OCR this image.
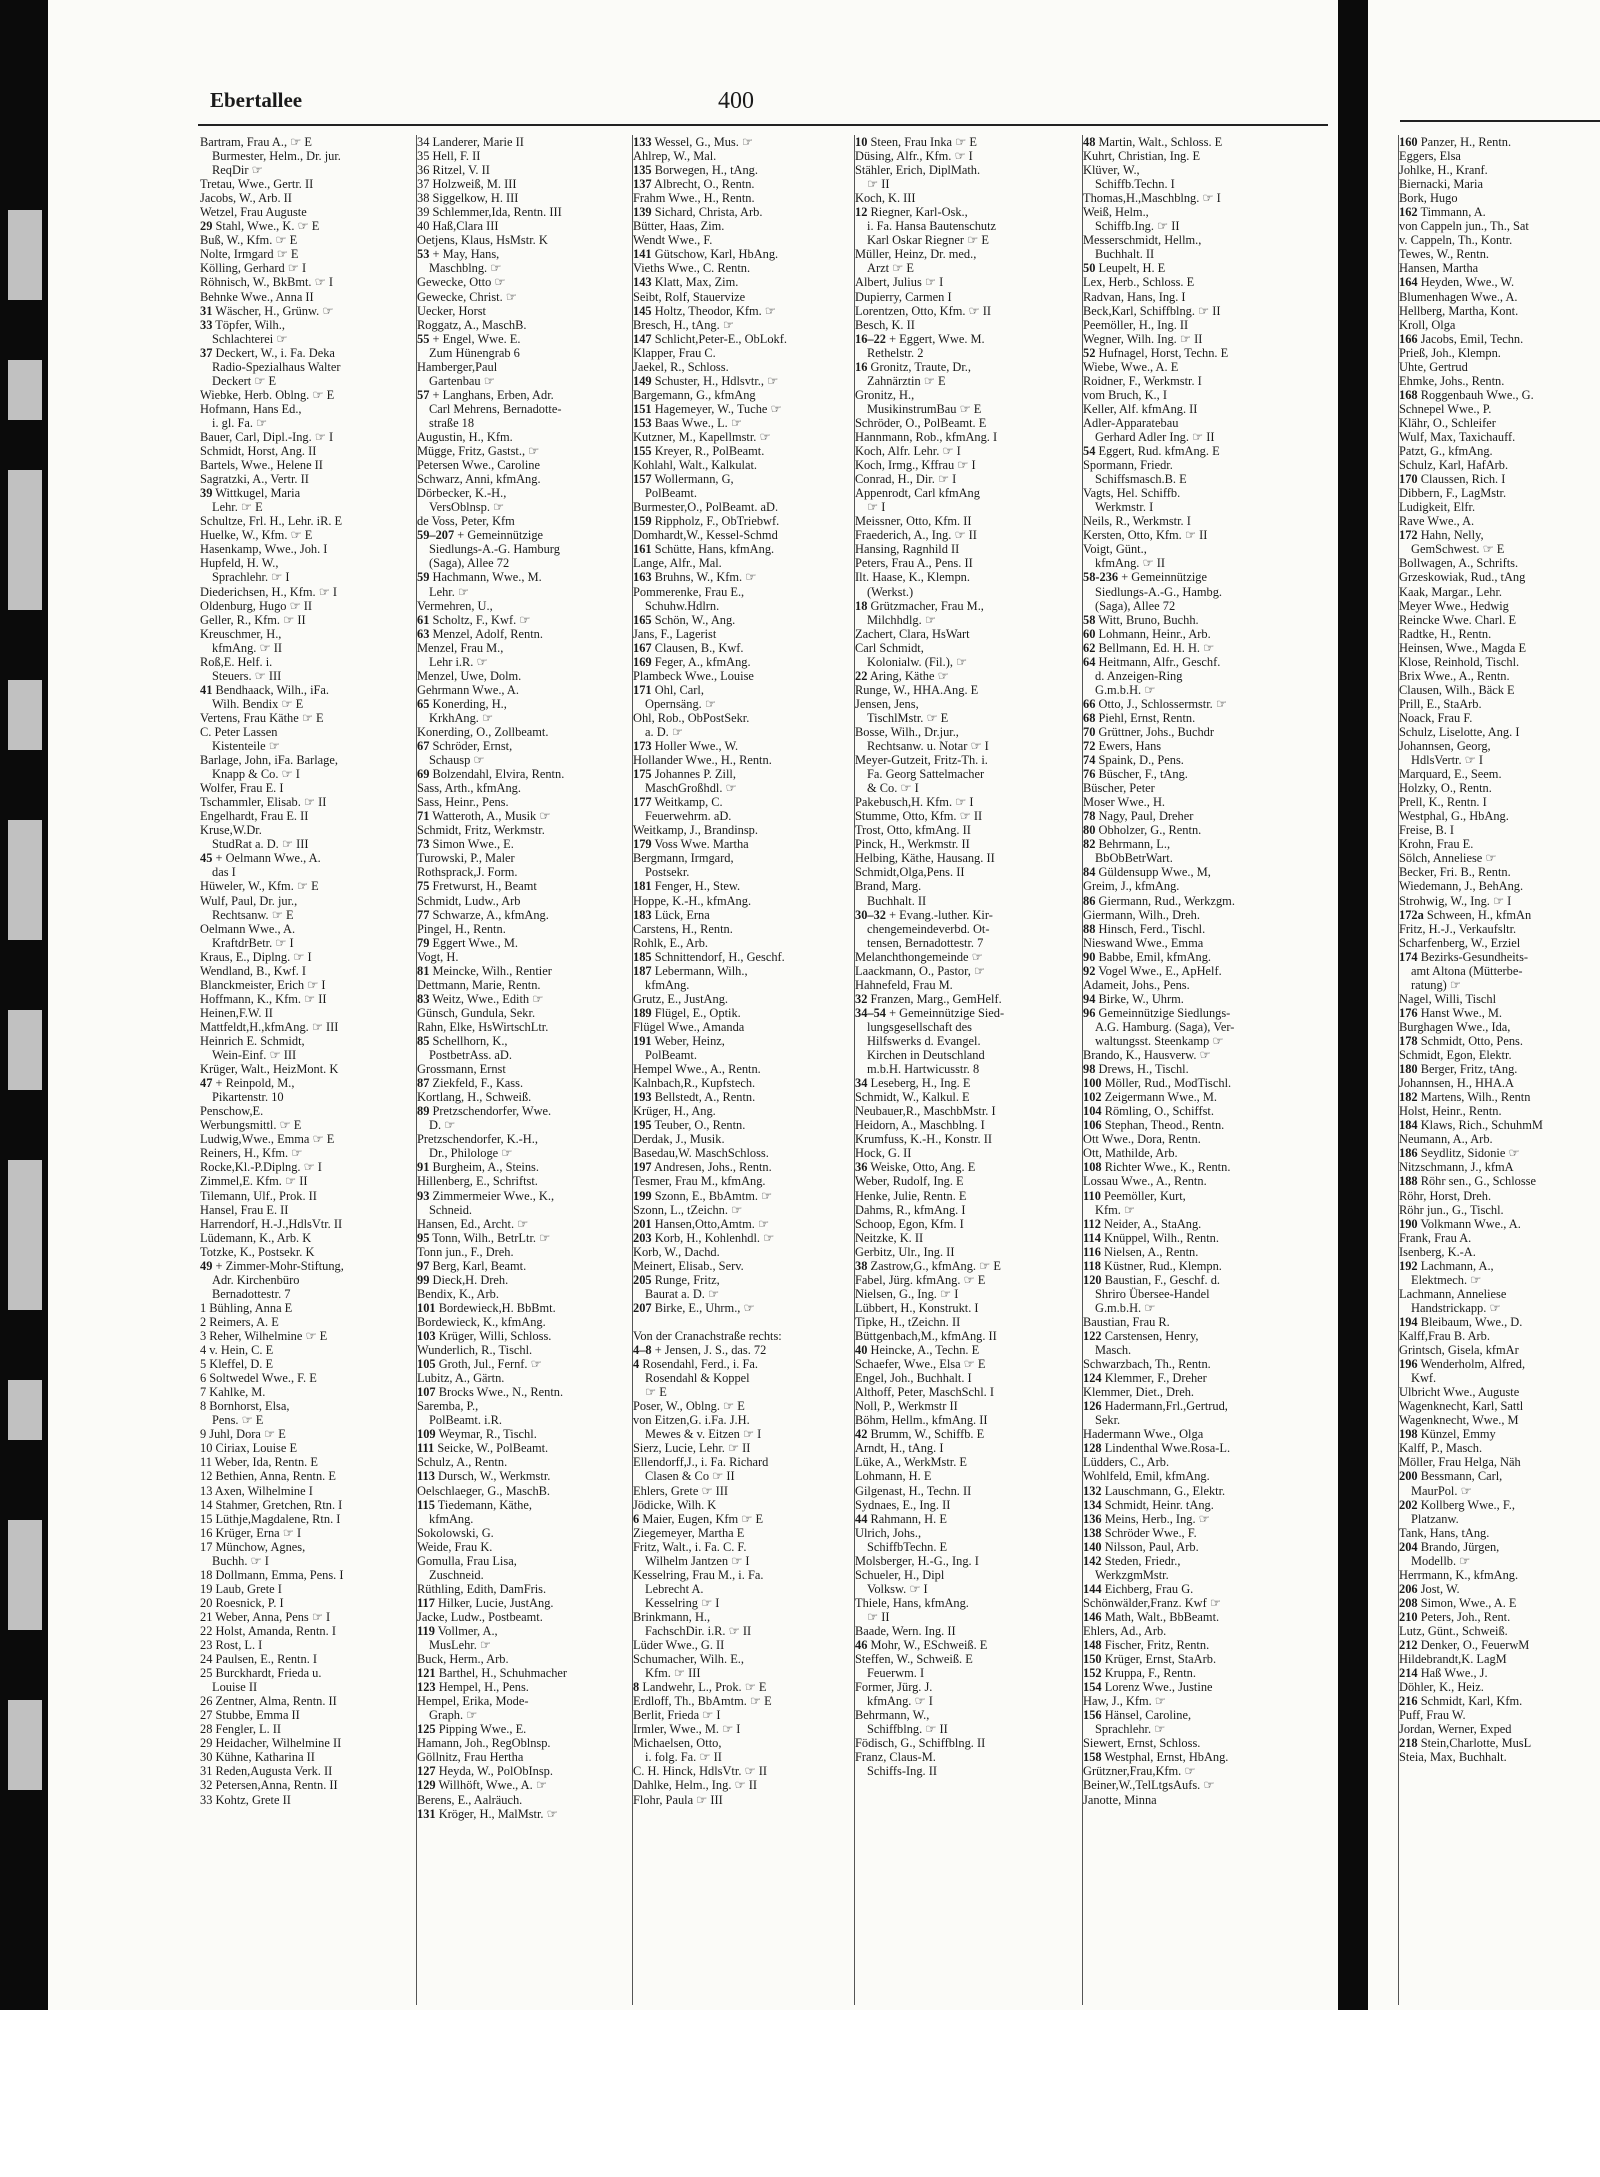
Ebertallee	400
Bartram, Frau A., ☞ E
Burmester, Helm., Dr. jur.
ReqDir ☞
Tretau, Wwe., Gertr. II
Jacobs, W., Arb. II
Wetzel, Frau Auguste
29 Stahl, Wwe., K. ☞ E
Buß, W., Kfm. ☞ E
Nolte, Irmgard ☞ E
Kölling, Gerhard ☞ I
Röhnisch, W., BkBmt. ☞ I
Behnke Wwe., Anna II
31 Wäscher, H., Grünw. ☞
33 Töpfer, Wilh.,
Schlachterei ☞
37 Deckert, W., i. Fa. Deka
Radio-Spezialhaus Walter
Deckert ☞ E
Wiebke, Herb. Oblng. ☞ E
Hofmann, Hans Ed.,
i. gl. Fa. ☞
Bauer, Carl, Dipl.-Ing. ☞ I
Schmidt, Horst, Ang. II
Bartels, Wwe., Helene II
Sagratzki, A., Vertr. II
39 Wittkugel, Maria
Lehr. ☞ E
Schultze, Frl. H., Lehr. iR. E
Huelke, W., Kfm. ☞ E
Hasenkamp, Wwe., Joh. I
Hupfeld, H. W.,
Sprachlehr. ☞ I
Diederichsen, H., Kfm. ☞ I
Oldenburg, Hugo ☞ II
Geller, R., Kfm. ☞ II
Kreuschmer, H.,
kfmAng. ☞ II
Roß,E. Helf. i.
Steuers. ☞ III
41 Bendhaack, Wilh., iFa.
Wilh. Bendix ☞ E
Vertens, Frau Käthe ☞ E
C. Peter Lassen
Kistenteile ☞
Barlage, John, iFa. Barlage,
Knapp & Co. ☞ I
Wolfer, Frau E. I
Tschammler, Elisab. ☞ II
Engelhardt, Frau E. II
Kruse,W.Dr.
StudRat a. D. ☞ III
45 + Oelmann Wwe., A.
das I
Hüweler, W., Kfm. ☞ E
Wulf, Paul, Dr. jur.,
Rechtsanw. ☞ E
Oelmann Wwe., A.
KraftdrBetr. ☞ I
Kraus, E., Diplng. ☞ I
Wendland, B., Kwf. I
Blanckmeister, Erich ☞ I
Hoffmann, K., Kfm. ☞ II
Heinen,F.W. II
Mattfeldt,H.,kfmAng. ☞ III
Heinrich E. Schmidt,
Wein-Einf. ☞ III
Krüger, Walt., HeizMont. K
47 + Reinpold, M.,
Pikartenstr. 10
Penschow,E.
Werbungsmittl. ☞ E
Ludwig,Wwe., Emma ☞ E
Reiners, H., Kfm. ☞
Rocke,Kl.-P.Diplng. ☞ I
Zimmel,E. Kfm. ☞ II
Tilemann, Ulf., Prok. II
Hansel, Frau E. II
Harrendorf, H.-J.,HdlsVtr. II
Lüdemann, K., Arb. K
Totzke, K., Postsekr. K
49 + Zimmer-Mohr-Stiftung,
Adr. Kirchenbüro
Bernadottestr. 7
1 Bühling, Anna E
2 Reimers, A. E
3 Reher, Wilhelmine ☞ E
4 v. Hein, C. E
5 Kleffel, D. E
6 Soltwedel Wwe., F. E
7 Kahlke, M.
8 Bornhorst, Elsa,
Pens. ☞ E
9 Juhl, Dora ☞ E
10 Ciriax, Louise E
11 Weber, Ida, Rentn. E
12 Bethien, Anna, Rentn. E
13 Axen, Wilhelmine I
14 Stahmer, Gretchen, Rtn. I
15 Lüthje,Magdalene, Rtn. I
16 Krüger, Erna ☞ I
17 Münchow, Agnes,
Buchh. ☞ I
18 Dollmann, Emma, Pens. I
19 Laub, Grete I
20 Roesnick, P. I
21 Weber, Anna, Pens ☞ I
22 Holst, Amanda, Rentn. I
23 Rost, L. I
24 Paulsen, E., Rentn. I
25 Burckhardt, Frieda u.
Louise II
26 Zentner, Alma, Rentn. II
27 Stubbe, Emma II
28 Fengler, L. II
29 Heidacher, Wilhelmine II
30 Kühne, Katharina II
31 Reden,Augusta Verk. II
32 Petersen,Anna, Rentn. II
33 Kohtz, Grete II
34 Landerer, Marie II
35 Hell, F. II
36 Ritzel, V. II
37 Holzweiß, M. III
38 Siggelkow, H. III
39 Schlemmer,Ida, Rentn. III
40 Haß,Clara III
Oetjens, Klaus, HsMstr. K
53 + May, Hans,
Maschblng. ☞
Gewecke, Otto ☞
Gewecke, Christ. ☞
Uecker, Horst
Roggatz, A., MaschB.
55 + Engel, Wwe. E.
Zum Hünengrab 6
Hamberger,Paul
Gartenbau ☞
57 + Langhans, Erben, Adr.
Carl Mehrens, Bernadotte-
straße 18
Augustin, H., Kfm.
Mügge, Fritz, Gastst., ☞
Petersen Wwe., Caroline
Schwarz, Anni, kfmAng.
Dörbecker, K.-H.,
VersOblnsp. ☞
de Voss, Peter, Kfm
59–207 + Gemeinnützige
Siedlungs-A.-G. Hamburg
(Saga), Allee 72
59 Hachmann, Wwe., M.
Lehr. ☞
Vermehren, U.,
61 Scholtz, F., Kwf. ☞
63 Menzel, Adolf, Rentn.
Menzel, Frau M.,
Lehr i.R. ☞
Menzel, Uwe, Dolm.
Gehrmann Wwe., A.
65 Konerding, H.,
KrkhAng. ☞
Konerding, O., Zollbeamt.
67 Schröder, Ernst,
Schausp ☞
69 Bolzendahl, Elvira, Rentn.
Sass, Arth., kfmAng.
Sass, Heinr., Pens.
71 Watteroth, A., Musik ☞
Schmidt, Fritz, Werkmstr.
73 Simon Wwe., E.
Turowski, P., Maler
Rothsprack,J. Form.
75 Fretwurst, H., Beamt
Schmidt, Ludw., Arb
77 Schwarze, A., kfmAng.
Pingel, H., Rentn.
79 Eggert Wwe., M.
Vogt, H.
81 Meincke, Wilh., Rentier
Dettmann, Marie, Rentn.
83 Weitz, Wwe., Edith ☞
Günsch, Gundula, Sekr.
Rahn, Elke, HsWirtschLtr.
85 Schellhorn, K.,
PostbetrAss. aD.
Grossmann, Ernst
87 Ziekfeld, F., Kass.
Kortlang, H., Schweiß.
89 Pretzschendorfer, Wwe.
D. ☞
Pretzschendorfer, K.-H.,
Dr., Philologe ☞
91 Burgheim, A., Steins.
Hillenberg, E., Schriftst.
93 Zimmermeier Wwe., K.,
Schneid.
Hansen, Ed., Archt. ☞
95 Tonn, Wilh., BetrLtr. ☞
Tonn jun., F., Dreh.
97 Berg, Karl, Beamt.
99 Dieck,H. Dreh.
Bendix, K., Arb.
101 Bordewieck,H. BbBmt.
Bordewieck, K., kfmAng.
103 Krüger, Willi, Schloss.
Wunderlich, R., Tischl.
105 Groth, Jul., Fernf. ☞
Lubitz, A., Gärtn.
107 Brocks Wwe., N., Rentn.
Saremba, P.,
PolBeamt. i.R.
109 Weymar, R., Tischl.
111 Seicke, W., PolBeamt.
Schulz, A., Rentn.
113 Dursch, W., Werkmstr.
Oelschlaeger, G., MaschB.
115 Tiedemann, Käthe,
kfmAng.
Sokolowski, G.
Weide, Frau K.
Gomulla, Frau Lisa,
Zuschneid.
Rüthling, Edith, DamFris.
117 Hilker, Lucie, JustAng.
Jacke, Ludw., Postbeamt.
119 Vollmer, A.,
MusLehr. ☞
Buck, Herm., Arb.
121 Barthel, H., Schuhmacher
123 Hempel, H., Pens.
Hempel, Erika, Mode-
Graph. ☞
125 Pipping Wwe., E.
Hamann, Joh., RegOblnsp.
Göllnitz, Frau Hertha
127 Heyda, W., PolObInsp.
129 Willhöft, Wwe., A. ☞
Berens, E., Aalräuch.
131 Kröger, H., MalMstr. ☞
133 Wessel, G., Mus. ☞
Ahlrep, W., Mal.
135 Borwegen, H., tAng.
137 Albrecht, O., Rentn.
Frahm Wwe., H., Rentn.
139 Sichard, Christa, Arb.
Bütter, Haas, Zim.
Wendt Wwe., F.
141 Gütschow, Karl, HbAng.
Vieths Wwe., C. Rentn.
143 Klatt, Max, Zim.
Seibt, Rolf, Stauervize
145 Holtz, Theodor, Kfm. ☞
Bresch, H., tAng. ☞
147 Schlicht,Peter-E., ObLokf.
Klapper, Frau C.
Jaekel, R., Schloss.
149 Schuster, H., Hdlsvtr., ☞
Bargemann, G., kfmAng
151 Hagemeyer, W., Tuche ☞
153 Baas Wwe., L. ☞
Kutzner, M., Kapellmstr. ☞
155 Kreyer, R., PolBeamt.
Kohlahl, Walt., Kalkulat.
157 Wollermann, G,
PolBeamt.
Burmester,O., PolBeamt. aD.
159 Rippholz, F., ObTriebwf.
Domhardt,W., Kessel-Schmd
161 Schütte, Hans, kfmAng.
Lange, Alfr., Mal.
163 Bruhns, W., Kfm. ☞
Pommerenke, Frau E.,
Schuhw.Hdlrn.
165 Schön, W., Ang.
Jans, F., Lagerist
167 Clausen, B., Kwf.
169 Feger, A., kfmAng.
Plambeck Wwe., Louise
171 Ohl, Carl,
Opernsäng. ☞
Ohl, Rob., ObPostSekr.
a. D. ☞
173 Holler Wwe., W.
Hollander Wwe., H., Rentn.
175 Johannes P. Zill,
MaschGroßhdl. ☞
177 Weitkamp, C.
Feuerwehrm. aD.
Weitkamp, J., Brandinsp.
179 Voss Wwe. Martha
Bergmann, Irmgard,
Postsekr.
181 Fenger, H., Stew.
Hoppe, K.-H., kfmAng.
183 Lück, Erna
Carstens, H., Rentn.
Rohlk, E., Arb.
185 Schnittendorf, H., Geschf.
187 Lebermann, Wilh.,
kfmAng.
Grutz, E., JustAng.
189 Flügel, E., Optik.
Flügel Wwe., Amanda
191 Weber, Heinz,
PolBeamt.
Hempel Wwe., A., Rentn.
Kalnbach,R., Kupfstech.
193 Bellstedt, A., Rentn.
Krüger, H., Ang.
195 Teuber, O., Rentn.
Derdak, J., Musik.
Basedau,W. MaschSchloss.
197 Andresen, Johs., Rentn.
Tesmer, Frau M., kfmAng.
199 Szonn, E., BbAmtm. ☞
Szonn, L., tZeichn. ☞
201 Hansen,Otto,Amtm. ☞
203 Korb, H., Kohlenhdl. ☞
Korb, W., Dachd.
Meinert, Elisab., Serv.
205 Runge, Fritz,
Baurat a. D. ☞
207 Birke, E., Uhrm., ☞
Von der Cranachstraße rechts:
4–8 + Jensen, J. S., das. 72
4 Rosendahl, Ferd., i. Fa.
Rosendahl & Koppel
☞ E
Poser, W., Oblng. ☞ E
von Eitzen,G. i.Fa. J.H.
Mewes & v. Eitzen ☞ I
Sierz, Lucie, Lehr. ☞ II
Ellendorff,J., i. Fa. Richard
Clasen & Co ☞ II
Ehlers, Grete ☞ III
Jödicke, Wilh. K
6 Maier, Eugen, Kfm ☞ E
Ziegemeyer, Martha E
Fritz, Walt., i. Fa. C. F.
Wilhelm Jantzen ☞ I
Kesselring, Frau M., i. Fa.
Lebrecht A.
Kesselring ☞ I
Brinkmann, H.,
FachschDir. i.R. ☞ II
Lüder Wwe., G. II
Schumacher, Wilh. E.,
Kfm. ☞ III
8 Landwehr, L., Prok. ☞ E
Erdloff, Th., BbAmtm. ☞ E
Berlit, Frieda ☞ I
Irmler, Wwe., M. ☞ I
Michaelsen, Otto,
i. folg. Fa. ☞ II
C. H. Hinck, HdlsVtr. ☞ II
Dahlke, Helm., Ing. ☞ II
Flohr, Paula ☞ III
10 Steen, Frau Inka ☞ E
Düsing, Alfr., Kfm. ☞ I
Stähler, Erich, DiplMath.
☞ II
Koch, K. III
12 Riegner, Karl-Osk.,
i. Fa. Hansa Bautenschutz
Karl Oskar Riegner ☞ E
Müller, Heinz, Dr. med.,
Arzt ☞ E
Albert, Julius ☞ I
Dupierry, Carmen I
Lorentzen, Otto, Kfm. ☞ II
Besch, K. II
16–22 + Eggert, Wwe. M.
Rethelstr. 2
16 Gronitz, Traute, Dr.,
Zahnärztin ☞ E
Gronitz, H.,
MusikinstrumBau ☞ E
Schröder, O., PolBeamt. E
Hannmann, Rob., kfmAng. I
Koch, Alfr. Lehr. ☞ I
Koch, Irmg., Kffrau ☞ I
Conrad, H., Dir. ☞ I
Appenrodt, Carl kfmAng
☞ I
Meissner, Otto, Kfm. II
Fraederich, A., Ing. ☞ II
Hansing, Ragnhild II
Peters, Frau A., Pens. II
Ilt. Haase, K., Klempn.
(Werkst.)
18 Grützmacher, Frau M.,
Milchhdlg. ☞
Zachert, Clara, HsWart
Carl Schmidt,
Kolonialw. (Fil.), ☞
22 Aring, Käthe ☞
Runge, W., HHA.Ang. E
Jensen, Jens,
TischlMstr. ☞ E
Bosse, Wilh., Dr.jur.,
Rechtsanw. u. Notar ☞ I
Meyer-Gutzeit, Fritz-Th. i.
Fa. Georg Sattelmacher
& Co. ☞ I
Pakebusch,H. Kfm. ☞ I
Stumme, Otto, Kfm. ☞ II
Trost, Otto, kfmAng. II
Pinck, H., Werkmstr. II
Helbing, Käthe, Hausang. II
Schmidt,Olga,Pens. II
Brand, Marg.
Buchhalt. II
30–32 + Evang.-luther. Kir-
chengemeindeverbd. Ot-
tensen, Bernadottestr. 7
Melanchthongemeinde ☞
Laackmann, O., Pastor, ☞
Hahnefeld, Frau M.
32 Franzen, Marg., GemHelf.
34–54 + Gemeinnützige Sied-
lungsgesellschaft des
Hilfswerks d. Evangel.
Kirchen in Deutschland
m.b.H. Hartwicusstr. 8
34 Leseberg, H., Ing. E
Schmidt, W., Kalkul. E
Neubauer,R., MaschbMstr. I
Heidorn, A., Maschblng. I
Krumfuss, K.-H., Konstr. II
Hock, G. II
36 Weiske, Otto, Ang. E
Weber, Rudolf, Ing. E
Henke, Julie, Rentn. E
Dahms, R., kfmAng. I
Schoop, Egon, Kfm. I
Neitzke, K. II
Gerbitz, Ulr., Ing. II
38 Zastrow,G., kfmAng. ☞ E
Fabel, Jürg. kfmAng. ☞ E
Nielsen, G., Ing. ☞ I
Lübbert, H., Konstrukt. I
Tipke, H., tZeichn. II
Büttgenbach,M., kfmAng. II
40 Heincke, A., Techn. E
Schaefer, Wwe., Elsa ☞ E
Engel, Joh., Buchhalt. I
Althoff, Peter, MaschSchl. I
Noll, P., Werkmstr II
Böhm, Hellm., kfmAng. II
42 Brumm, W., Schiffb. E
Arndt, H., tAng. I
Lüke, A., WerkMstr. E
Lohmann, H. E
Gilgenast, H., Techn. II
Sydnaes, E., Ing. II
44 Rahmann, H. E
Ulrich, Johs.,
SchiffbTechn. E
Molsberger, H.-G., Ing. I
Schueler, H., Dipl
Volksw. ☞ I
Thiele, Hans, kfmAng.
☞ II
Baade, Wern. Ing. II
46 Mohr, W., ESchweiß. E
Steffen, W., Schweiß. E
Feuerwm. I
Former, Jürg. J.
kfmAng. ☞ I
Behrmann, W.,
Schiffblng. ☞ II
Födisch, G., Schiffblng. II
Franz, Claus-M.
Schiffs-Ing. II
48 Martin, Walt., Schloss. E
Kuhrt, Christian, Ing. E
Klüver, W.,
Schiffb.Techn. I
Thomas,H.,Maschblng. ☞ I
Weiß, Helm.,
Schiffb.Ing. ☞ II
Messerschmidt, Hellm.,
Buchhalt. II
50 Leupelt, H. E
Lex, Herb., Schloss. E
Radvan, Hans, Ing. I
Beck,Karl, Schiffblng. ☞ II
Peemöller, H., Ing. II
Wegner, Wilh. Ing. ☞ II
52 Hufnagel, Horst, Techn. E
Wiebe, Wwe., A. E
Roidner, F., Werkmstr. I
vom Bruch, K., I
Keller, Alf. kfmAng. II
Adler-Apparatebau
Gerhard Adler Ing. ☞ II
54 Eggert, Rud. kfmAng. E
Spormann, Friedr.
Schiffsmasch.B. E
Vagts, Hel. Schiffb.
Werkmstr. I
Neils, R., Werkmstr. I
Kersten, Otto, Kfm. ☞ II
Voigt, Günt.,
kfmAng. ☞ II
58-236 + Gemeinnützige
Siedlungs-A.-G., Hambg.
(Saga), Allee 72
58 Witt, Bruno, Buchh.
60 Lohmann, Heinr., Arb.
62 Bellmann, Ed. H. H. ☞
64 Heitmann, Alfr., Geschf.
d. Anzeigen-Ring
G.m.b.H. ☞
66 Otto, J., Schlossermstr. ☞
68 Piehl, Ernst, Rentn.
70 Grüttner, Johs., Buchdr
72 Ewers, Hans
74 Spaink, D., Pens.
76 Büscher, F., tAng.
Büscher, Peter
Moser Wwe., H.
78 Nagy, Paul, Dreher
80 Obholzer, G., Rentn.
82 Behrmann, L.,
BbObBetrWart.
84 Güldensupp Wwe., M,
Greim, J., kfmAng.
86 Giermann, Rud., Werkzgm.
Giermann, Wilh., Dreh.
88 Hinsch, Ferd., Tischl.
Nieswand Wwe., Emma
90 Babbe, Emil, kfmAng.
92 Vogel Wwe., E., ApHelf.
Adameit, Johs., Pens.
94 Birke, W., Uhrm.
96 Gemeinnützige Siedlungs-
A.G. Hamburg. (Saga), Ver-
waltungsst. Steenkamp ☞
Brando, K., Hausverw. ☞
98 Drews, H., Tischl.
100 Möller, Rud., ModTischl.
102 Zeigermann Wwe., M.
104 Römling, O., Schiffst.
106 Stephan, Theod., Rentn.
Ott Wwe., Dora, Rentn.
Ott, Mathilde, Arb.
108 Richter Wwe., K., Rentn.
Lossau Wwe., A., Rentn.
110 Peemöller, Kurt,
Kfm. ☞
112 Neider, A., StaAng.
114 Knüppel, Wilh., Rentn.
116 Nielsen, A., Rentn.
118 Küstner, Rud., Klempn.
120 Baustian, F., Geschf. d.
Shriro Übersee-Handel
G.m.b.H. ☞
Baustian, Frau R.
122 Carstensen, Henry,
Masch.
Schwarzbach, Th., Rentn.
124 Klemmer, F., Dreher
Klemmer, Diet., Dreh.
126 Hadermann,Frl.,Gertrud,
Sekr.
Hadermann Wwe., Olga
128 Lindenthal Wwe.Rosa-L.
Lüdders, C., Arb.
Wohlfeld, Emil, kfmAng.
132 Lauschmann, G., Elektr.
134 Schmidt, Heinr. tAng.
136 Meins, Herb., Ing. ☞
138 Schröder Wwe., F.
140 Nilsson, Paul, Arb.
142 Steden, Friedr.,
WerkzgmMstr.
144 Eichberg, Frau G.
Schönwälder,Franz. Kwf ☞
146 Math, Walt., BbBeamt.
Ehlers, Ad., Arb.
148 Fischer, Fritz, Rentn.
150 Krüger, Ernst, StaArb.
152 Kruppa, F., Rentn.
154 Lorenz Wwe., Justine
Haw, J., Kfm. ☞
156 Hänsel, Caroline,
Sprachlehr. ☞
Siewert, Ernst, Schloss.
158 Westphal, Ernst, HbAng.
Grützner,Frau,Kfm. ☞
Beiner,W.,TelLtgsAufs. ☞
Janotte, Minna
160 Panzer, H., Rentn.
Eggers, Elsa
Johlke, H., Kranf.
Biernacki, Maria
Bork, Hugo
162 Timmann, A.
von Cappeln jun., Th., Sat
v. Cappeln, Th., Kontr.
Tewes, W., Rentn.
Hansen, Martha
164 Heyden, Wwe., W.
Blumenhagen Wwe., A.
Hellberg, Martha, Kont.
Kroll, Olga
166 Jacobs, Emil, Techn.
Prieß, Joh., Klempn.
Uhte, Gertrud
Ehmke, Johs., Rentn.
168 Roggenbauh Wwe., G.
Schnepel Wwe., P.
Klähr, O., Schleifer
Wulf, Max, Taxichauff.
Patzt, G., kfmAng.
Schulz, Karl, HafArb.
170 Claussen, Rich. I
Dibbern, F., LagMstr.
Ludigkeit, Elfr.
Rave Wwe., A.
172 Hahn, Nelly,
GemSchwest. ☞ E
Bollwagen, A., Schrifts.
Grzeskowiak, Rud., tAng
Kaak, Margar., Lehr.
Meyer Wwe., Hedwig
Reincke Wwe. Charl. E
Radtke, H., Rentn.
Heinsen, Wwe., Magda E
Klose, Reinhold, Tischl.
Brix Wwe., A., Rentn.
Clausen, Wilh., Bäck E
Prill, E., StaArb.
Noack, Frau F.
Schulz, Liselotte, Ang. I
Johannsen, Georg,
HdlsVertr. ☞ I
Marquard, E., Seem.
Holzky, O., Rentn.
Prell, K., Rentn. I
Westphal, G., HbAng.
Freise, B. I
Krohn, Frau E.
Sölch, Anneliese ☞
Becker, Fri. B., Rentn.
Wiedemann, J., BehAng.
Strohwig, W., Ing. ☞ I
172a Schween, H., kfmAn
Fritz, H.-J., Verkaufsltr.
Scharfenberg, W., Erziel
174 Bezirks-Gesundheits-
amt Altona (Mütterbe-
ratung) ☞
Nagel, Willi, Tischl
176 Hanst Wwe., M.
Burghagen Wwe., Ida,
178 Schmidt, Otto, Pens.
Schmidt, Egon, Elektr.
180 Berger, Fritz, tAng.
Johannsen, H., HHA.A
182 Martens, Wilh., Rentn
Holst, Heinr., Rentn.
184 Klaws, Rich., SchuhmM
Neumann, A., Arb.
186 Seydlitz, Sidonie ☞
Nitzschmann, J., kfmA
188 Röhr sen., G., Schlosse
Röhr, Horst, Dreh.
Röhr jun., G., Tischl.
190 Volkmann Wwe., A.
Frank, Frau A.
Isenberg, K.-A.
192 Lachmann, A.,
Elektmech. ☞
Lachmann, Anneliese
Handstrickapp. ☞
194 Bleibaum, Wwe., D.
Kalff,Frau B. Arb.
Grintsch, Gisela, kfmAr
196 Wenderholm, Alfred,
Kwf.
Ulbricht Wwe., Auguste
Wagenknecht, Karl, Sattl
Wagenknecht, Wwe., M
198 Künzel, Emmy
Kalff, P., Masch.
Möller, Frau Helga, Näh
200 Bessmann, Carl,
MaurPol. ☞
202 Kollberg Wwe., F.,
Platzanw.
Tank, Hans, tAng.
204 Brando, Jürgen,
Modellb. ☞
Herrmann, K., kfmAng.
206 Jost, W.
208 Simon, Wwe., A. E
210 Peters, Joh., Rent.
Lutz, Günt., Schweiß.
212 Denker, O., FeuerwM
Hildebrandt,K. LagM
214 Haß Wwe., J.
Döhler, K., Heiz.
216 Schmidt, Karl, Kfm.
Puff, Frau W.
Jordan, Werner, Exped
218 Stein,Charlotte, MusL
Steia, Max, Buchhalt.
